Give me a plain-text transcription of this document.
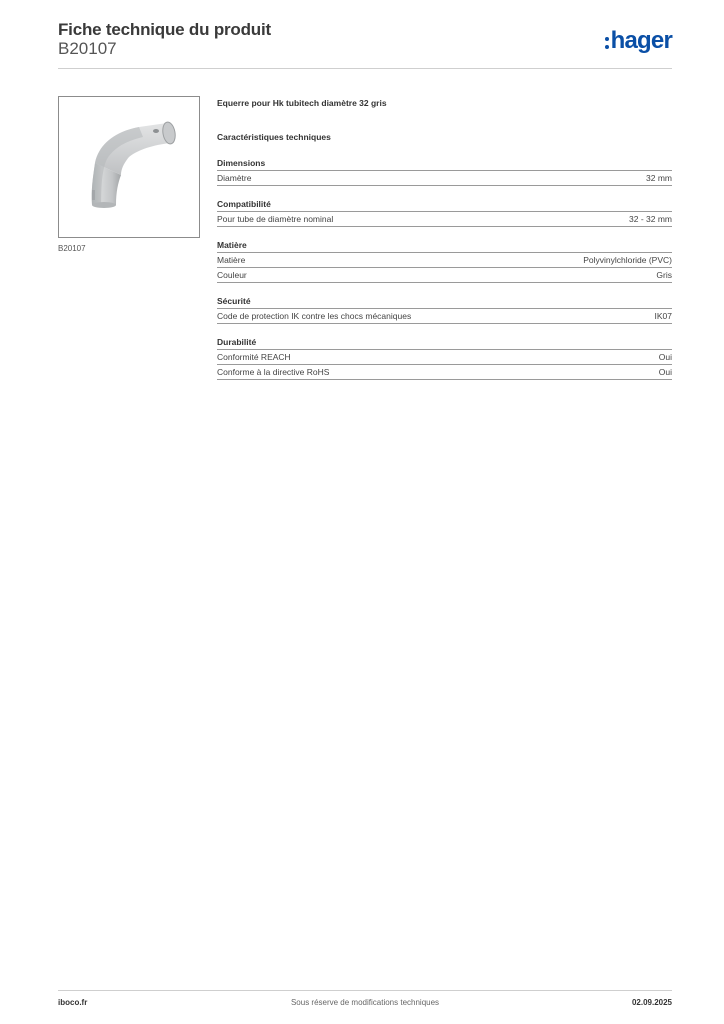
Fiche technique du produit
B20107	hager
B20107
Equerre pour Hk tubitech diamètre 32 gris
Caractéristiques techniques
Dimensions
Diamètre	32 mm
Compatibilité
Pour tube de diamètre nominal	32 - 32 mm
Matière
Matière	Polyvinylchloride (PVC)
Couleur	Gris
Sécurité
Code de protection IK contre les chocs mécaniques	IK07
Durabilité
Conformité REACH	Oui
Conforme à la directive RoHS	Oui
iboco.fr	Sous réserve de modifications techniques	02.09.2025
